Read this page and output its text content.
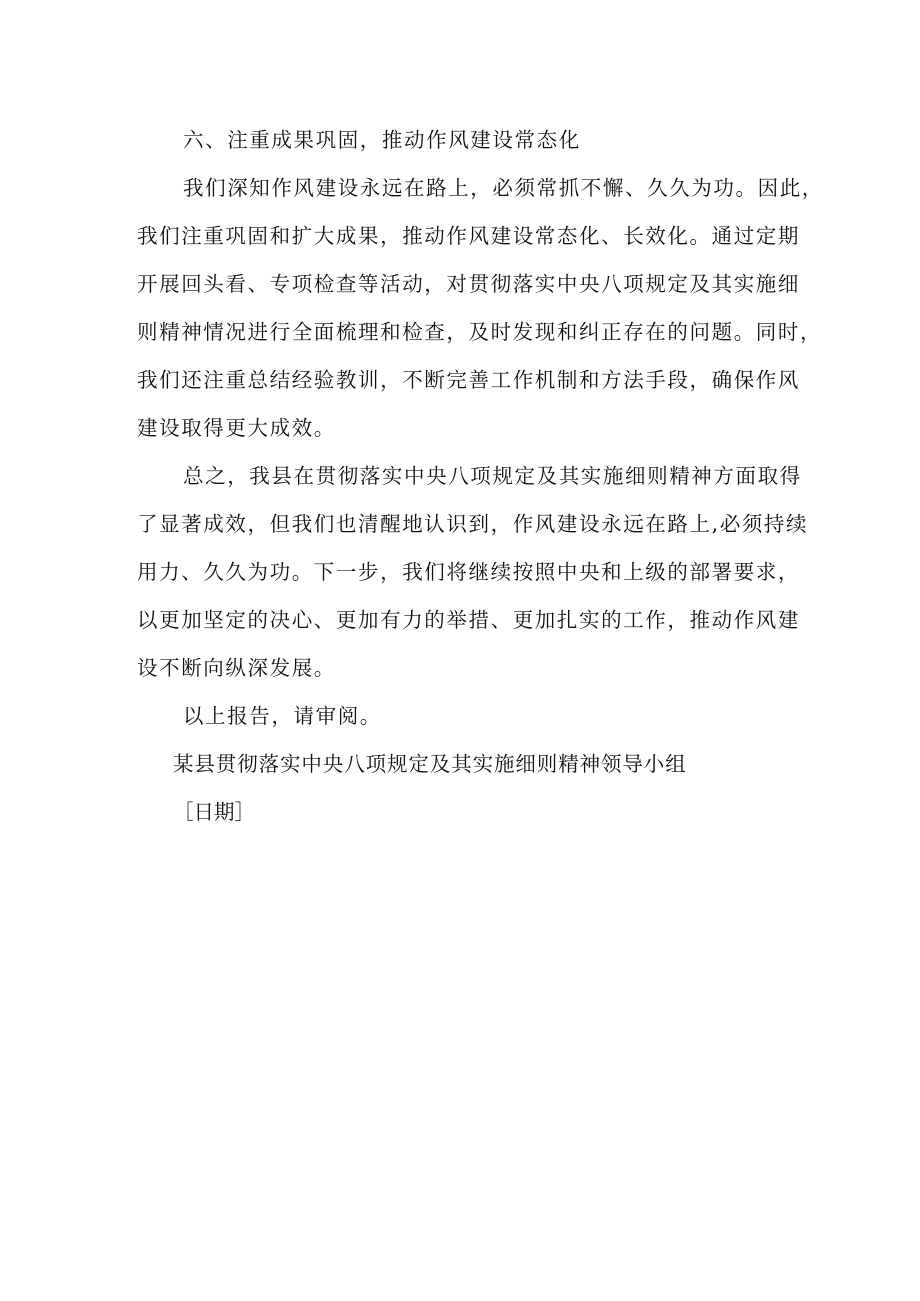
六、注重成果巩固，推动作风建设常态化

我们深知作风建设永远在路上，必须常抓不懈、久久为功。因此，

我们注重巩固和扩大成果，推动作风建设常态化、长效化。通过定期

开展回头看、专项检查等活动，对贯彻落实中央八项规定及其实施细

则精神情况进行全面梳理和检查，及时发现和纠正存在的问题。同时，

我们还注重总结经验教训，不断完善工作机制和方法手段，确保作风

建设取得更大成效。

总之，我县在贯彻落实中央八项规定及其实施细则精神方面取得

了显著成效，但我们也清醒地认识到，作风建设永远在路上,必须持续

用力、久久为功。下一步，我们将继续按照中央和上级的部署要求，

以更加坚定的决心、更加有力的举措、更加扎实的工作，推动作风建

设不断向纵深发展。

以上报告，请审阅。

某县贯彻落实中央八项规定及其实施细则精神领导小组

［日期］
